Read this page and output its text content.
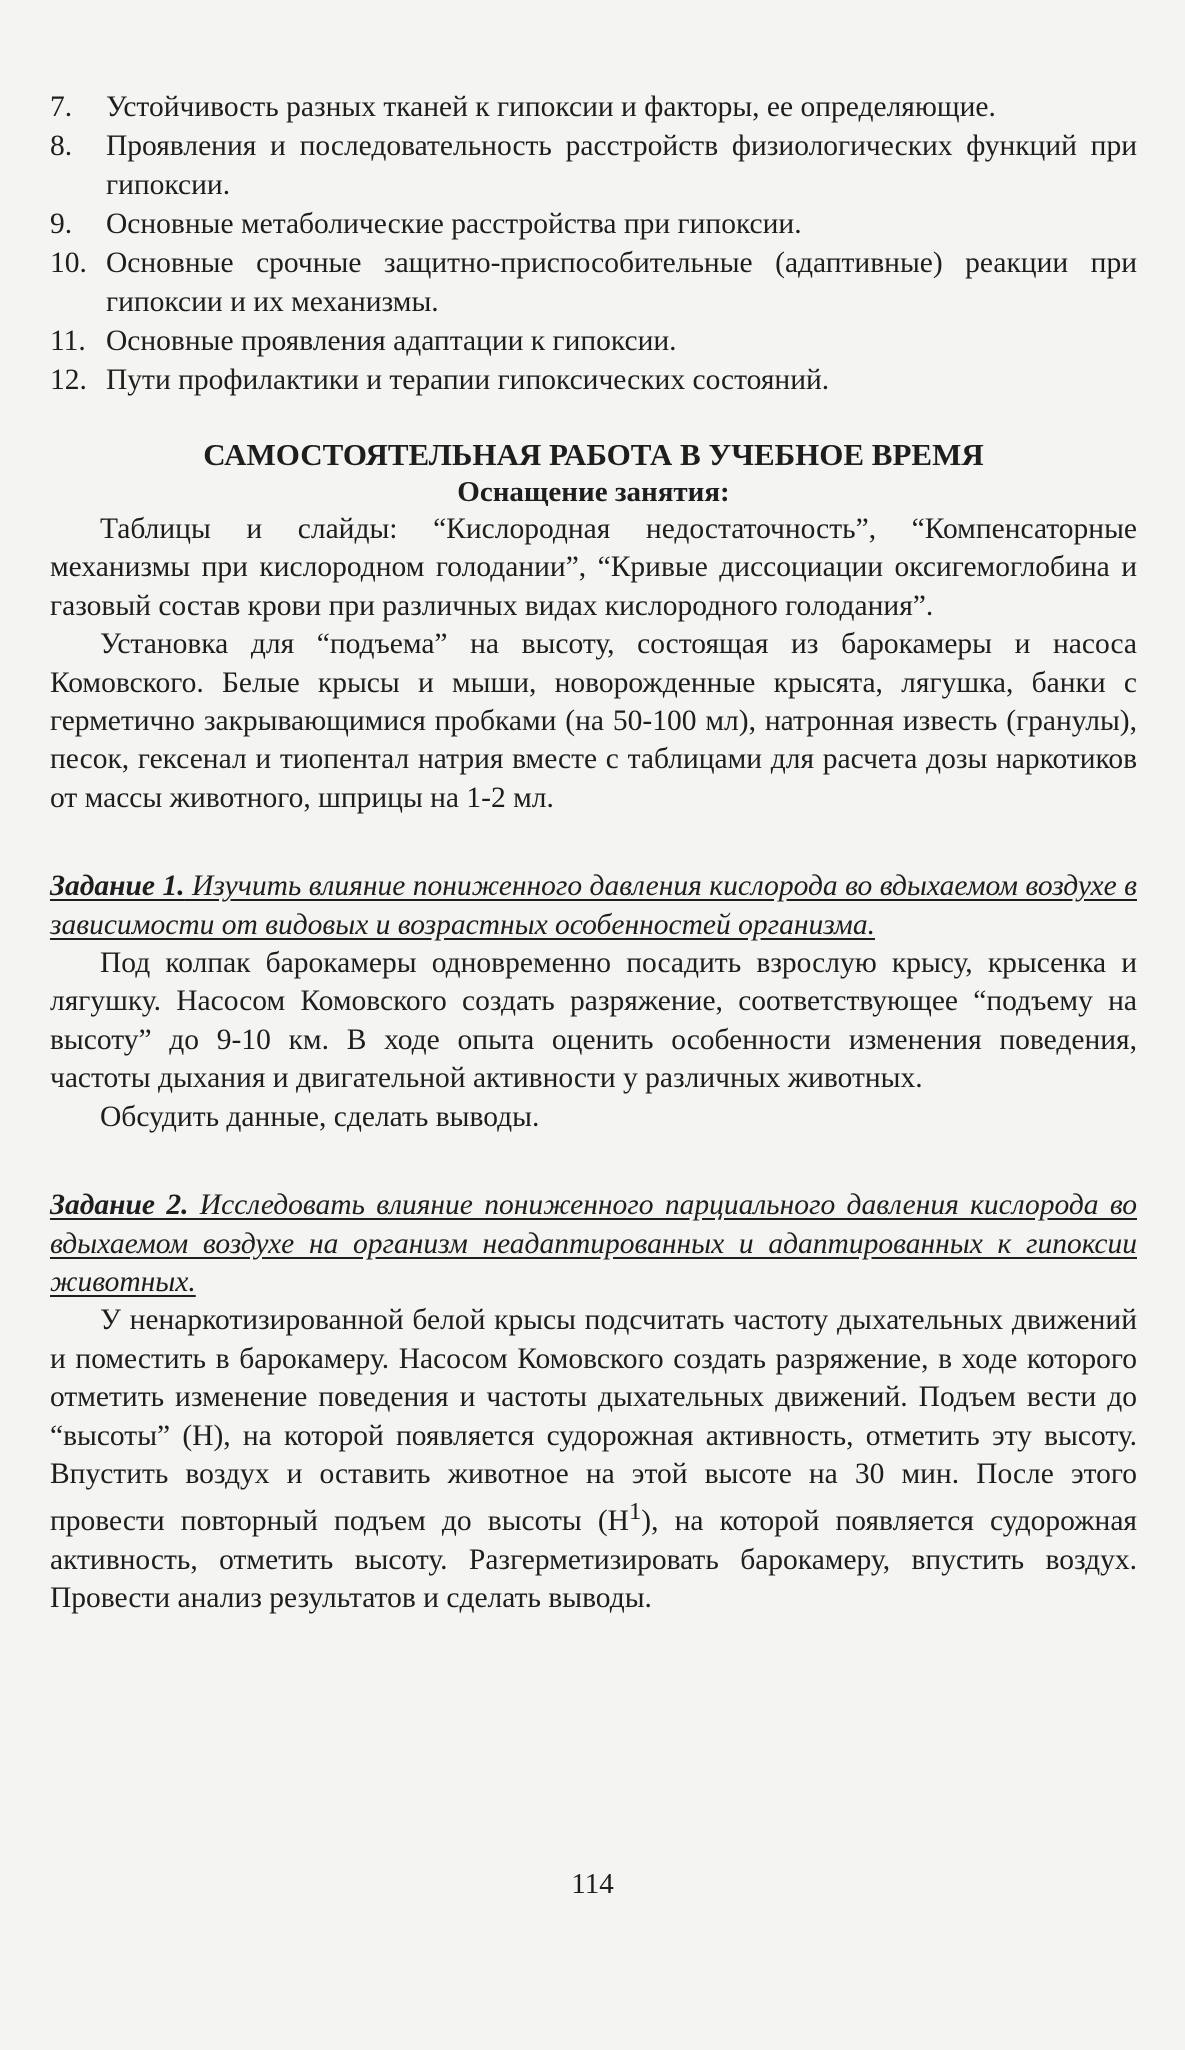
7.	Устойчивость разных тканей к гипоксии и факторы, ее определяющие.
8.	Проявления и последовательность расстройств физиологических функций при гипоксии.
9.	Основные метаболические расстройства при гипоксии.
10. Основные срочные защитно-приспособительные (адаптивные) реакции при гипоксии и их механизмы.
11. Основные проявления адаптации к гипоксии.
12. Пути профилактики и терапии гипоксических состояний.
САМОСТОЯТЕЛЬНАЯ РАБОТА В УЧЕБНОЕ ВРЕМЯ
Оснащение занятия:

Таблицы и слайды: “Кислородная недостаточность”, “Компенсаторные механизмы при кислородном голодании”, “Кривые диссоциации оксигемоглобина и газовый состав крови при различных видах кислородного голодания”.

Установка для “подъема” на высоту, состоящая из барокамеры и насоса Комовского. Белые крысы и мыши, новорожденные крысята, лягушка, банки с герметично закрывающимися пробками (на 50-100 мл), натронная известь (гранулы), песок, гексенал и тиопентал натрия вместе с таблицами для расчета дозы наркотиков от массы животного, шприцы на 1-2 мл.

Задание 1. Изучить влияние пониженного давления кислорода во вдыхаемом воздухе в зависимости от видовых и возрастных особенностей организма.

Под колпак барокамеры одновременно посадить взрослую крысу, крысенка и лягушку. Насосом Комовского создать разряжение, соответствующее “подъему на высоту” до 9-10 км. В ходе опыта оценить особенности изменения поведения, частоты дыхания и двигательной активности у различных животных.

Обсудить данные, сделать выводы.

Задание 2. Исследовать влияние пониженного парциального давления кислорода во вдыхаемом воздухе на организм неадаптированных и адаптированных к гипоксии животных.

У ненаркотизированной белой крысы подсчитать частоту дыхательных движений и поместить в барокамеру. Насосом Комовского создать разряжение, в ходе которого отметить изменение поведения и частоты дыхательных движений. Подъем вести до “высоты” (Н), на которой появляется судорожная активность, отметить эту высоту. Впустить воздух и оставить животное на этой высоте на 30 мин. После этого провести повторный подъем до высоты $(Н^1)$, на которой появляется судорожная активность, отметить высоту. Разгерметизировать барокамеру, впустить воздух. Провести анализ результатов и сделать выводы.

114
